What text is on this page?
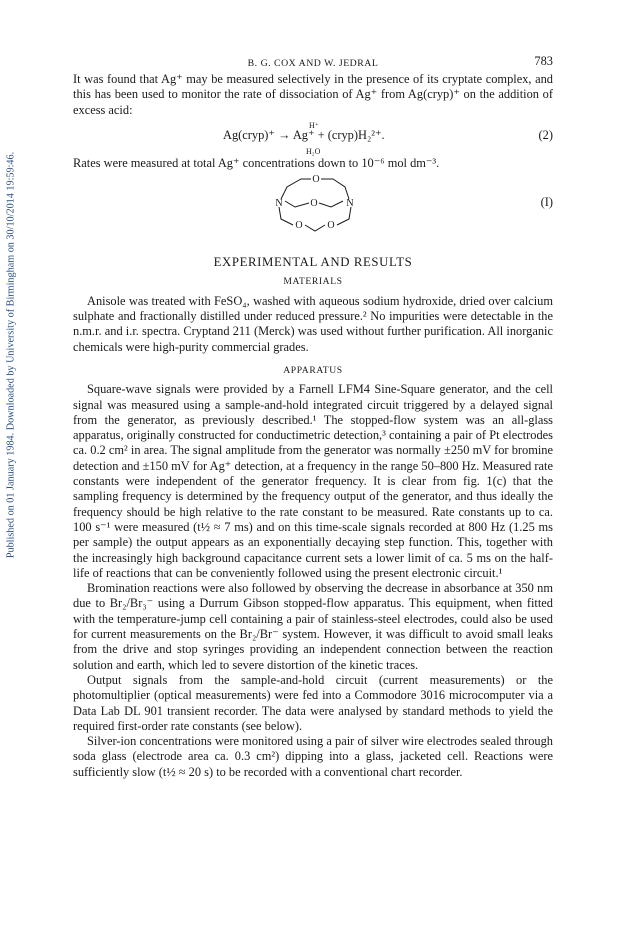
Published on 01 January 1984. Downloaded by University of Birmingham on 30/10/2014 19:59:46.
B. G. COX AND W. JEDRAL	783

It was found that Ag⁺ may be measured selectively in the presence of its cryptate complex, and this has been used to monitor the rate of dissociation of Ag⁺ from Ag(cryp)⁺ on the addition of excess acid:

H⁺
Ag(cryp)⁺ → Ag⁺ + (cryp)H₂²⁺.
H₂O
(2)

Rates were measured at total Ag⁺ concentrations down to 10⁻⁶ mol dm⁻³.

O
N	O	N
O O
(I)
EXPERIMENTAL AND RESULTS
MATERIALS

Anisole was treated with FeSO₄, washed with aqueous sodium hydroxide, dried over calcium sulphate and fractionally distilled under reduced pressure.² No impurities were detectable in the n.m.r. and i.r. spectra. Cryptand 211 (Merck) was used without further purification. All inorganic chemicals were high-purity commercial grades.

APPARATUS

Square-wave signals were provided by a Farnell LFM4 Sine-Square generator, and the cell signal was measured using a sample-and-hold integrated circuit triggered by a delayed signal from the generator, as previously described.¹ The stopped-flow system was an all-glass apparatus, originally constructed for conductimetric detection,³ containing a pair of Pt electrodes ca. 0.2 cm² in area. The signal amplitude from the generator was normally ±250 mV for bromine detection and ±150 mV for Ag⁺ detection, at a frequency in the range 50–800 Hz. Measured rate constants were independent of the generator frequency. It is clear from fig. 1(c) that the sampling frequency is determined by the frequency output of the generator, and thus ideally the frequency should be high relative to the rate constant to be measured. Rate constants up to ca. 100 s⁻¹ were measured (t½ ≈ 7 ms) and on this time-scale signals recorded at 800 Hz (1.25 ms per sample) the output appears as an exponentially decaying step function. This, together with the increasingly high background capacitance current sets a lower limit of ca. 5 ms on the half-life of reactions that can be conveniently followed using the present electronic circuit.¹

Bromination reactions were also followed by observing the decrease in absorbance at 350 nm due to Br₂/Br₃⁻ using a Durrum Gibson stopped-flow apparatus. This equipment, when fitted with the temperature-jump cell containing a pair of stainless-steel electrodes, could also be used for current measurements on the Br₂/Br⁻ system. However, it was difficult to avoid small leaks from the drive and stop syringes providing an independent connection between the reaction solution and earth, which led to severe distortion of the kinetic traces.

Output signals from the sample-and-hold circuit (current measurements) or the photomultiplier (optical measurements) were fed into a Commodore 3016 microcomputer via a Data Lab DL 901 transient recorder. The data were analysed by standard methods to yield the required first-order rate constants (see below).

Silver-ion concentrations were monitored using a pair of silver wire electrodes sealed through soda glass (electrode area ca. 0.3 cm²) dipping into a glass, jacketed cell. Reactions were sufficiently slow (t½ ≈ 20 s) to be recorded with a conventional chart recorder.
